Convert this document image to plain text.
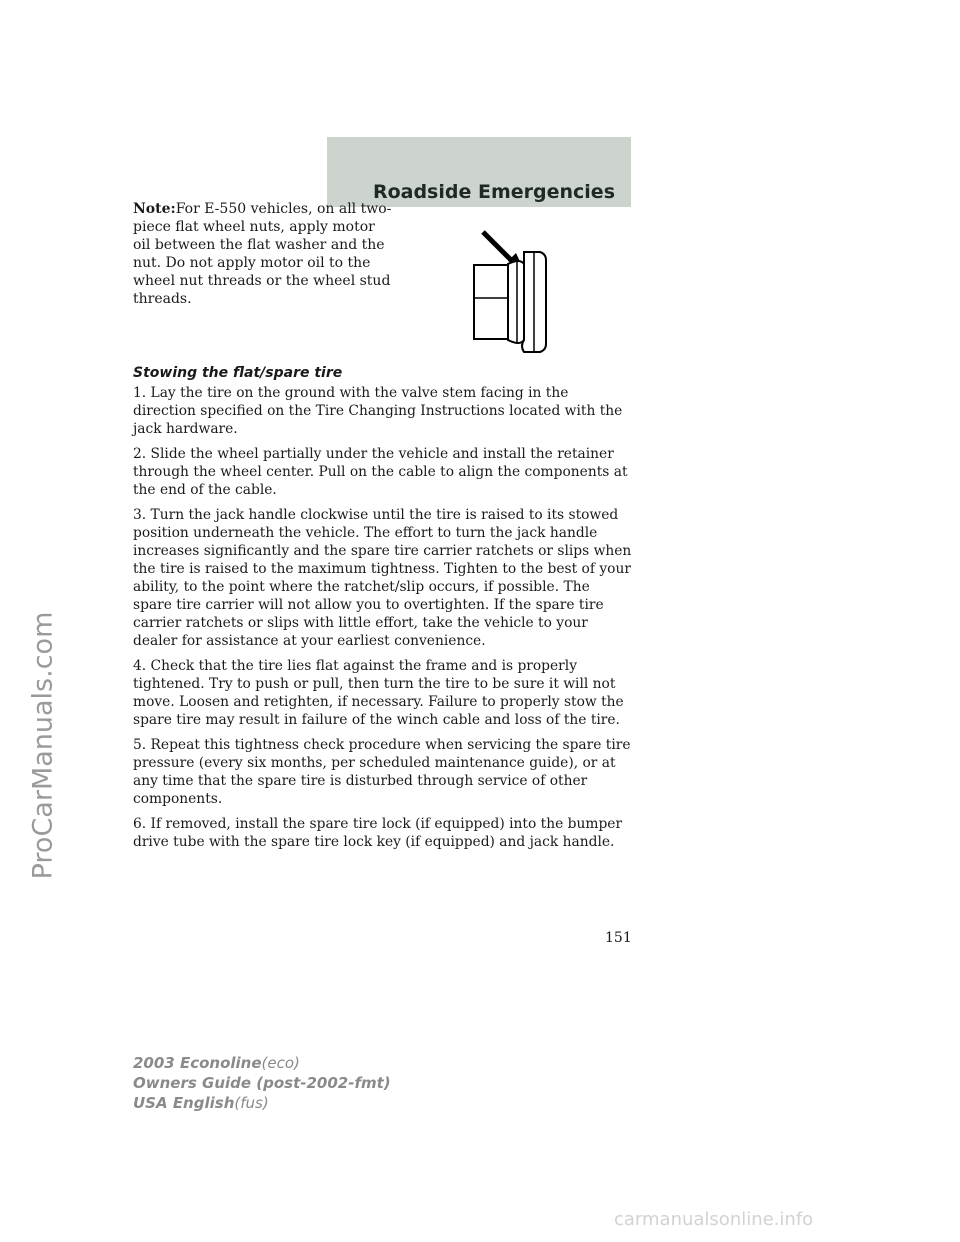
Roadside Emergencies
ProCarManuals.com
Note:For E-550 vehicles, on all two-piece flat wheel nuts, apply motor oil between the flat washer and the nut. Do not apply motor oil to the wheel nut threads or the wheel stud threads.
Stowing the flat/spare tire

1. Lay the tire on the ground with the valve stem facing in the direction specified on the Tire Changing Instructions located with the jack hardware.

2. Slide the wheel partially under the vehicle and install the retainer through the wheel center. Pull on the cable to align the components at the end of the cable.

3. Turn the jack handle clockwise until the tire is raised to its stowed position underneath the vehicle. The effort to turn the jack handle increases significantly and the spare tire carrier ratchets or slips when the tire is raised to the maximum tightness. Tighten to the best of your ability, to the point where the ratchet/slip occurs, if possible. The spare tire carrier will not allow you to overtighten. If the spare tire carrier ratchets or slips with little effort, take the vehicle to your dealer for assistance at your earliest convenience.

4. Check that the tire lies flat against the frame and is properly tightened. Try to push or pull, then turn the tire to be sure it will not move. Loosen and retighten, if necessary. Failure to properly stow the spare tire may result in failure of the winch cable and loss of the tire.

5. Repeat this tightness check procedure when servicing the spare tire pressure (every six months, per scheduled maintenance guide), or at any time that the spare tire is disturbed through service of other components.

6. If removed, install the spare tire lock (if equipped) into the bumper drive tube with the spare tire lock key (if equipped) and jack handle.

151
2003 Econoline(eco)
Owners Guide (post-2002-fmt)
USA English(fus)
carmanualsonline.info
